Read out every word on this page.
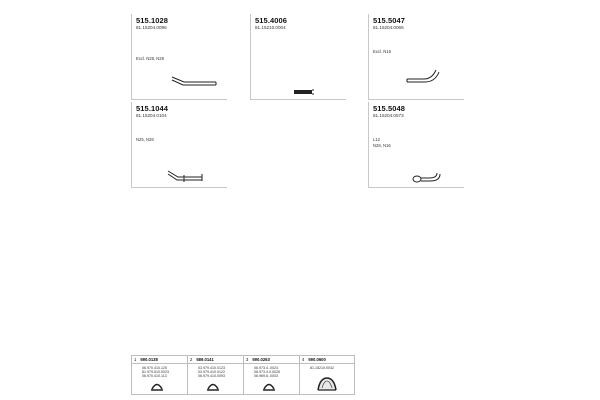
515.1028
81.15204.0096
Excl. N28, N28
515.4006
81.15210.0004
515.5047
81.15204.0066
Excl. N16
515.1044
81.15204.0104
N25, N28
515.5048
81.15204.0573
L12
N28, N16
1 590.0138
06.970.410.125
81.979.510.0023
06.970.410.113
2 589.0141
03.979.410.0123
03.979.410.0122
06.979.410.0093
3 590.0263
06.973.4..0024
06.973.4.0.0026
06.969.6..0003
4 590.0600
81.15210.0042
